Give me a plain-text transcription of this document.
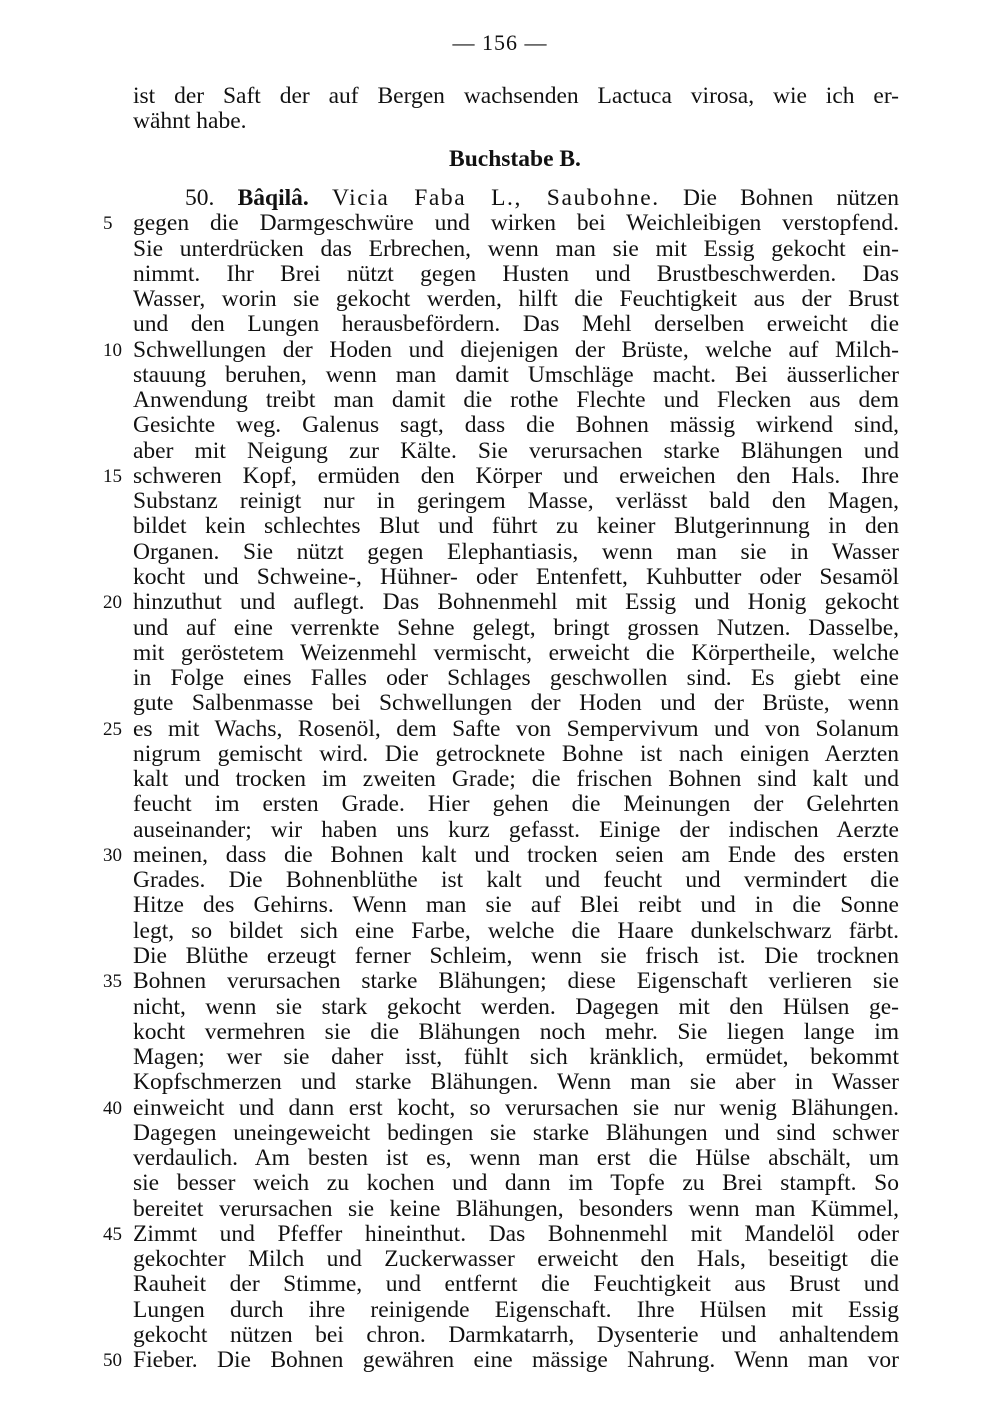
— 156 —
ist der Saft der auf Bergen wachsenden Lactuca virosa, wie ich er-
wähnt habe.
Buchstabe B.
50. Bâqilâ. Vicia Faba L., Saubohne. Die Bohnen nützen
5 gegen die Darmgeschwüre und wirken bei Weichleibigen verstopfend.
Sie unterdrücken das Erbrechen, wenn man sie mit Essig gekocht ein-
nimmt. Ihr Brei nützt gegen Husten und Brustbeschwerden. Das
Wasser, worin sie gekocht werden, hilft die Feuchtigkeit aus der Brust
und den Lungen herausbefördern. Das Mehl derselben erweicht die
10 Schwellungen der Hoden und diejenigen der Brüste, welche auf Milch-
stauung beruhen, wenn man damit Umschläge macht. Bei äusserlicher
Anwendung treibt man damit die rothe Flechte und Flecken aus dem
Gesichte weg. Galenus sagt, dass die Bohnen mässig wirkend sind,
aber mit Neigung zur Kälte. Sie verursachen starke Blähungen und
15 schweren Kopf, ermüden den Körper und erweichen den Hals. Ihre
Substanz reinigt nur in geringem Masse, verlässt bald den Magen,
bildet kein schlechtes Blut und führt zu keiner Blutgerinnung in den
Organen. Sie nützt gegen Elephantiasis, wenn man sie in Wasser
kocht und Schweine-, Hühner- oder Entenfett, Kuhbutter oder Sesamöl
20 hinzuthut und auflegt. Das Bohnenmehl mit Essig und Honig gekocht
und auf eine verrenkte Sehne gelegt, bringt grossen Nutzen. Dasselbe,
mit geröstetem Weizenmehl vermischt, erweicht die Körpertheile, welche
in Folge eines Falles oder Schlages geschwollen sind. Es giebt eine
gute Salbenmasse bei Schwellungen der Hoden und der Brüste, wenn
25 es mit Wachs, Rosenöl, dem Safte von Sempervivum und von Solanum
nigrum gemischt wird. Die getrocknete Bohne ist nach einigen Aerzten
kalt und trocken im zweiten Grade; die frischen Bohnen sind kalt und
feucht im ersten Grade. Hier gehen die Meinungen der Gelehrten
auseinander; wir haben uns kurz gefasst. Einige der indischen Aerzte
30 meinen, dass die Bohnen kalt und trocken seien am Ende des ersten
Grades. Die Bohnenblüthe ist kalt und feucht und vermindert die
Hitze des Gehirns. Wenn man sie auf Blei reibt und in die Sonne
legt, so bildet sich eine Farbe, welche die Haare dunkelschwarz färbt.
Die Blüthe erzeugt ferner Schleim, wenn sie frisch ist. Die trocknen
35 Bohnen verursachen starke Blähungen; diese Eigenschaft verlieren sie
nicht, wenn sie stark gekocht werden. Dagegen mit den Hülsen ge-
kocht vermehren sie die Blähungen noch mehr. Sie liegen lange im
Magen; wer sie daher isst, fühlt sich kränklich, ermüdet, bekommt
Kopfschmerzen und starke Blähungen. Wenn man sie aber in Wasser
40 einweicht und dann erst kocht, so verursachen sie nur wenig Blähungen.
Dagegen uneingeweicht bedingen sie starke Blähungen und sind schwer
verdaulich. Am besten ist es, wenn man erst die Hülse abschält, um
sie besser weich zu kochen und dann im Topfe zu Brei stampft. So
bereitet verursachen sie keine Blähungen, besonders wenn man Kümmel,
45 Zimmt und Pfeffer hineinthut. Das Bohnenmehl mit Mandelöl oder
gekochter Milch und Zuckerwasser erweicht den Hals, beseitigt die
Rauheit der Stimme, und entfernt die Feuchtigkeit aus Brust und
Lungen durch ihre reinigende Eigenschaft. Ihre Hülsen mit Essig
gekocht nützen bei chron. Darmkatarrh, Dysenterie und anhaltendem
50 Fieber. Die Bohnen gewähren eine mässige Nahrung. Wenn man vor
